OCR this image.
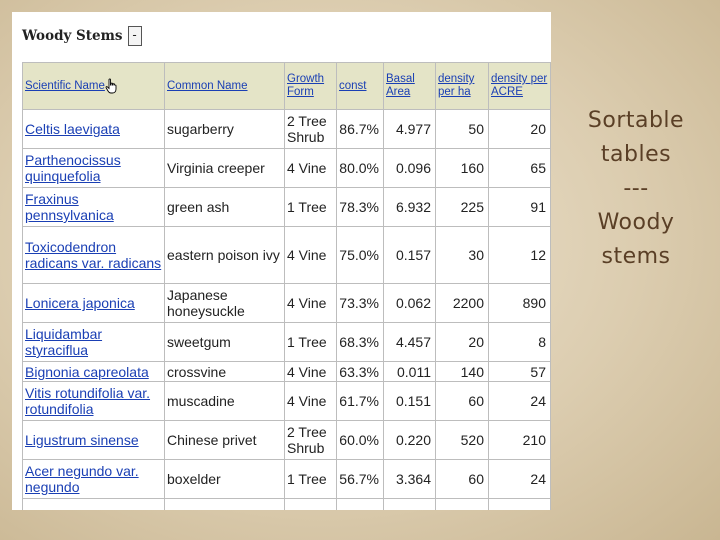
Woody Stems -
Scientific Name	Common Name	Growth Form	const	Basal Area	density per ha	density per ACRE
Celtis laevigata	sugarberry	2 Tree Shrub	86.7%	4.977	50	20
Parthenocissus quinquefolia	Virginia creeper	4 Vine	80.0%	0.096	160	65
Fraxinus pennsylvanica	green ash	1 Tree	78.3%	6.932	225	91
Toxicodendron radicans var. radicans	eastern poison ivy	4 Vine	75.0%	0.157	30	12
Lonicera japonica	Japanese honeysuckle	4 Vine	73.3%	0.062	2200	890
Liquidambar styraciflua	sweetgum	1 Tree	68.3%	4.457	20	8
Bignonia capreolata	crossvine	4 Vine	63.3%	0.011	140	57
Vitis rotundifolia var. rotundifolia	muscadine	4 Vine	61.7%	0.151	60	24
Ligustrum sinense	Chinese privet	2 Tree Shrub	60.0%	0.220	520	210
Acer negundo var. negundo	boxelder	1 Tree	56.7%	3.364	60	24

Sortable
tables
---
Woody
stems
